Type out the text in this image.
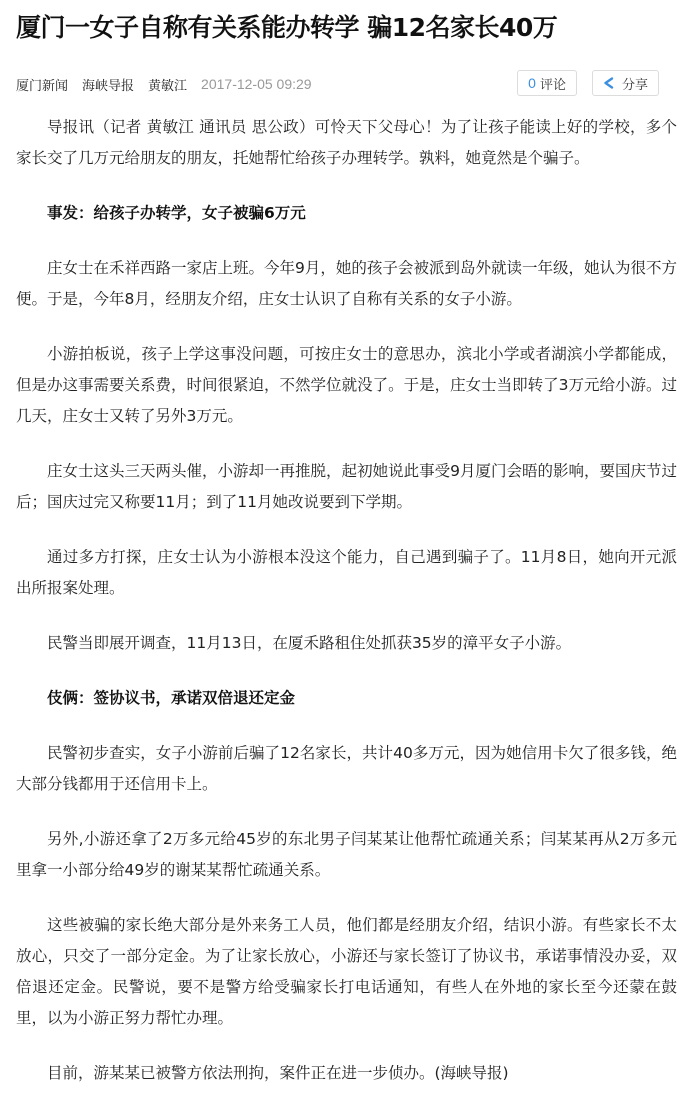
厦门一女子自称有关系能办转学 骗12名家长40万
厦门新闻 海峡导报 黄敏江 2017-12-05 09:29	0 评论	分享

导报讯（记者 黄敏江 通讯员 思公政）可怜天下父母心！为了让孩子能读上好的学校，多个家长交了几万元给朋友的朋友，托她帮忙给孩子办理转学。孰料，她竟然是个骗子。

事发：给孩子办转学，女子被骗6万元

庄女士在禾祥西路一家店上班。今年9月，她的孩子会被派到岛外就读一年级，她认为很不方便。于是，今年8月，经朋友介绍，庄女士认识了自称有关系的女子小游。

小游拍板说，孩子上学这事没问题，可按庄女士的意思办，滨北小学或者湖滨小学都能成，但是办这事需要关系费，时间很紧迫，不然学位就没了。于是，庄女士当即转了3万元给小游。过几天，庄女士又转了另外3万元。

庄女士这头三天两头催，小游却一再推脱，起初她说此事受9月厦门会晤的影响，要国庆节过后；国庆过完又称要11月；到了11月她改说要到下学期。

通过多方打探，庄女士认为小游根本没这个能力，自己遇到骗子了。11月8日，她向开元派出所报案处理。

民警当即展开调查，11月13日，在厦禾路租住处抓获35岁的漳平女子小游。

伎俩：签协议书，承诺双倍退还定金

民警初步查实，女子小游前后骗了12名家长，共计40多万元，因为她信用卡欠了很多钱，绝大部分钱都用于还信用卡上。

另外,小游还拿了2万多元给45岁的东北男子闫某某让他帮忙疏通关系；闫某某再从2万多元里拿一小部分给49岁的谢某某帮忙疏通关系。

这些被骗的家长绝大部分是外来务工人员，他们都是经朋友介绍，结识小游。有些家长不太放心，只交了一部分定金。为了让家长放心，小游还与家长签订了协议书，承诺事情没办妥，双倍退还定金。民警说，要不是警方给受骗家长打电话通知，有些人在外地的家长至今还蒙在鼓里，以为小游正努力帮忙办理。

目前，游某某已被警方依法刑拘，案件正在进一步侦办。(海峡导报)
